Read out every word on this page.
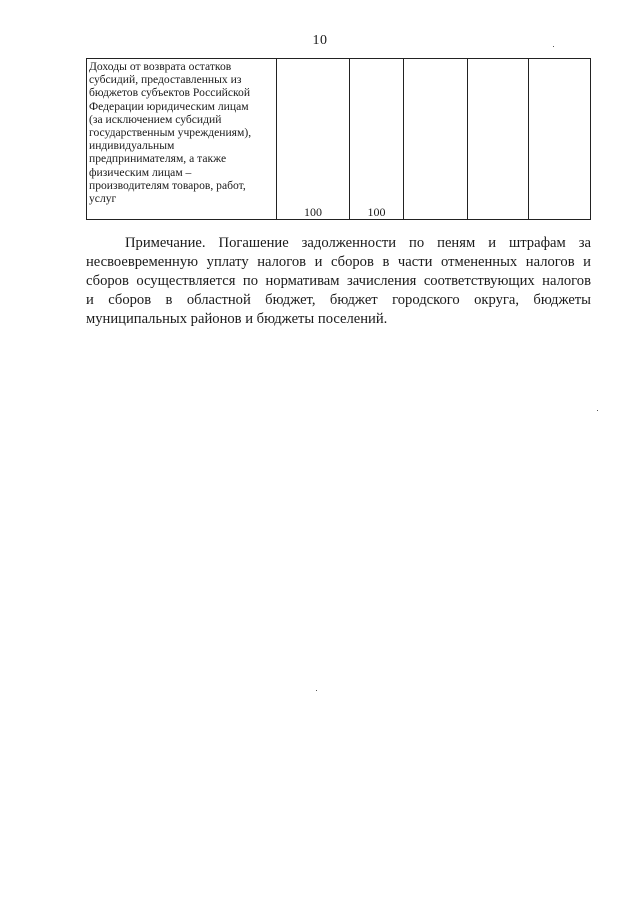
10
Доходы от возврата остатков
субсидий, предоставленных из
бюджетов субъектов Российской
Федерации юридическим лицам
(за исключением субсидий
государственным учреждениям),
индивидуальным
предпринимателям, а также
физическим лицам –
производителям товаров, работ,
услуг
	100	100				
Примечание. Погашение задолженности по пеням и штрафам за
несвоевременную уплату налогов и сборов в части отмененных налогов и
сборов осуществляется по нормативам зачисления соответствующих налогов
и сборов в областной бюджет, бюджет городского округа, бюджеты
муниципальных районов и бюджеты поселений.
